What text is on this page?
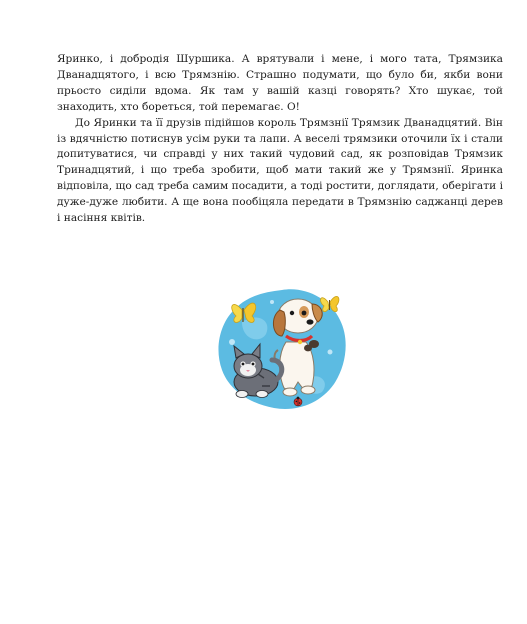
Яринко, і добродія Шуршика. А врятували і мене, і мого тата, Трямзика Дванадцятого, і всю Трямзнію. Страшно подумати, що було би, якби вони прьосто сиділи вдома. Як там у вашій казці говорять? Хто шукає, той знаходить, хто бореться, той перемагає. О!

До Яринки та її друзів підійшов король Трямзнії Трямзик Дванадцятий. Він із вдячністю потиснув усім руки та лапи. А веселі трямзики оточили їх і стали допитуватися, чи справді у них такий чудовий сад, як розповідав Трямзик Тринадцятий, і що треба зробити, щоб мати такий же у Трямзнії. Яринка відповіла, що сад треба самим посадити, а тоді ростити, доглядати, оберігати і дуже-дуже любити. А ще вона пообіцяла передати в Трямзнію саджанці дерев і насіння квітів.
